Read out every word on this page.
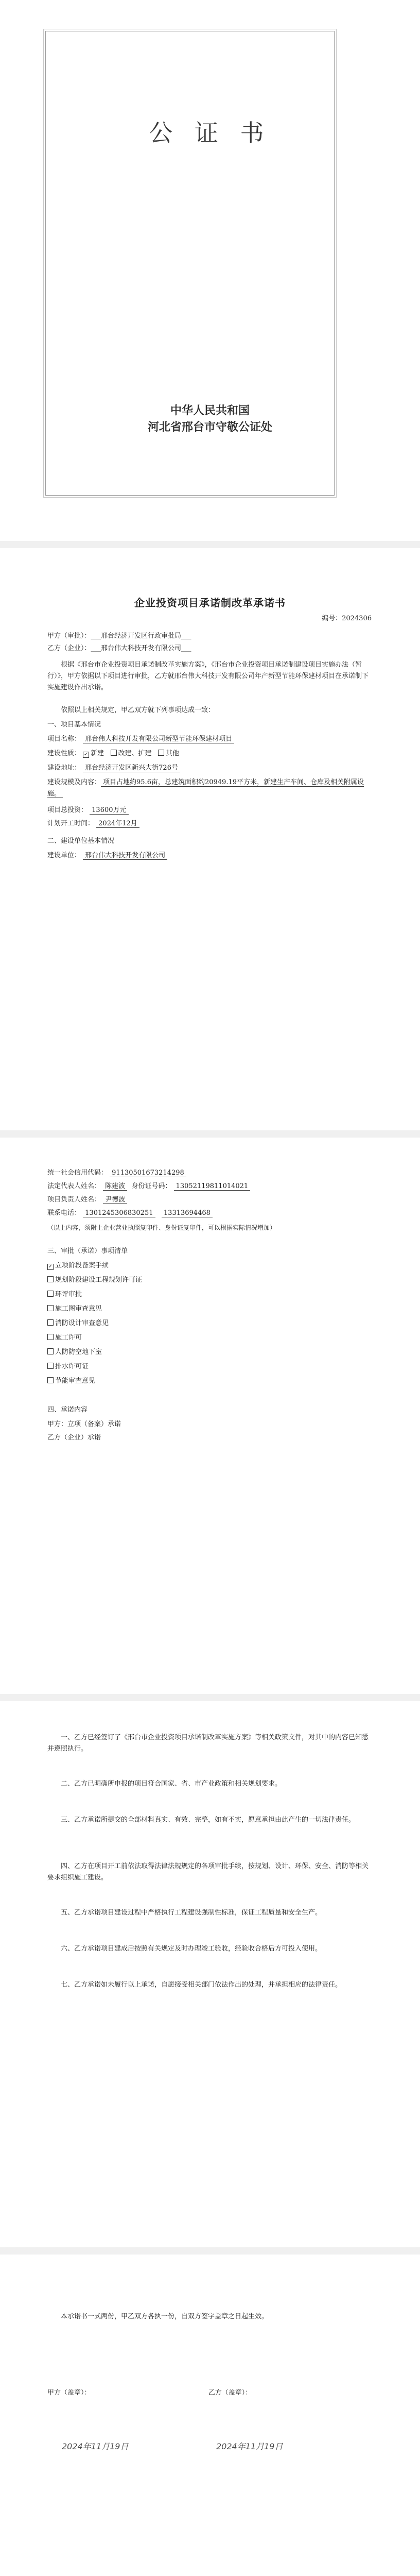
公 证 书
中华人民共和国
河北省邢台市守敬公证处
企业投资项目承诺制改革承诺书
编号：2024306
甲方（审批）：___邢台经济开发区行政审批局___
乙方（企业）：___邢台伟大科技开发有限公司___
根据《邢台市企业投资项目承诺制改革实施方案》，《邢台市企业投资项目承诺制建设项目实施办法（暂行）》，甲方依据以下项目进行审批，乙方就邢台伟大科技开发有限公司年产新型节能环保建材项目在承诺制下实施建设作出承诺。
依照以上相关规定，甲乙双方就下列事项达成一致：
一、项目基本情况
项目名称： 邢台伟大科技开发有限公司新型节能环保建材项目
建设性质： ✓ 新建 改建、扩建 其他
建设地址： 邢台经济开发区新兴大街726号
建设规模及内容： 项目占地约95.6亩，总建筑面积约20949.19平方米，新建生产车间、仓库及相关附属设施。
项目总投资： 13600万元
计划开工时间： 2024年12月
二、建设单位基本情况
建设单位： 邢台伟大科技开发有限公司
统一社会信用代码： 91130501673214298
法定代表人姓名： 陈建波 身份证号码： 13052119811014021
项目负责人姓名： 尹德波
联系电话： 1301245306830251 13313694468
（以上内容，须附上企业营业执照复印件、身份证复印件，可以根据实际情况增加）
三、审批（承诺）事项清单
✓立项阶段备案手续
规划阶段建设工程规划许可证
环评审批
施工图审查意见
消防设计审查意见
施工许可
人防防空地下室
排水许可证
节能审查意见
四、承诺内容
甲方：立项（备案）承诺
乙方（企业）承诺
一、乙方已经签订了《邢台市企业投资项目承诺制改革实施方案》等相关政策文件，对其中的内容已知悉并遵照执行。
二、乙方已明确所申报的项目符合国家、省、市产业政策和相关规划要求。
三、乙方承诺所提交的全部材料真实、有效、完整，如有不实，愿意承担由此产生的一切法律责任。
四、乙方在项目开工前依法取得法律法规规定的各项审批手续，按规划、设计、环保、安全、消防等相关要求组织施工建设。
五、乙方承诺项目建设过程中严格执行工程建设强制性标准，保证工程质量和安全生产。
六、乙方承诺项目建成后按照有关规定及时办理竣工验收，经验收合格后方可投入使用。
七、乙方承诺如未履行以上承诺，自愿接受相关部门依法作出的处理，并承担相应的法律责任。
本承诺书一式两份，甲乙双方各执一份，自双方签字盖章之日起生效。
甲方（盖章）：	乙方（盖章）：
2024年11月19日	2024年11月19日
